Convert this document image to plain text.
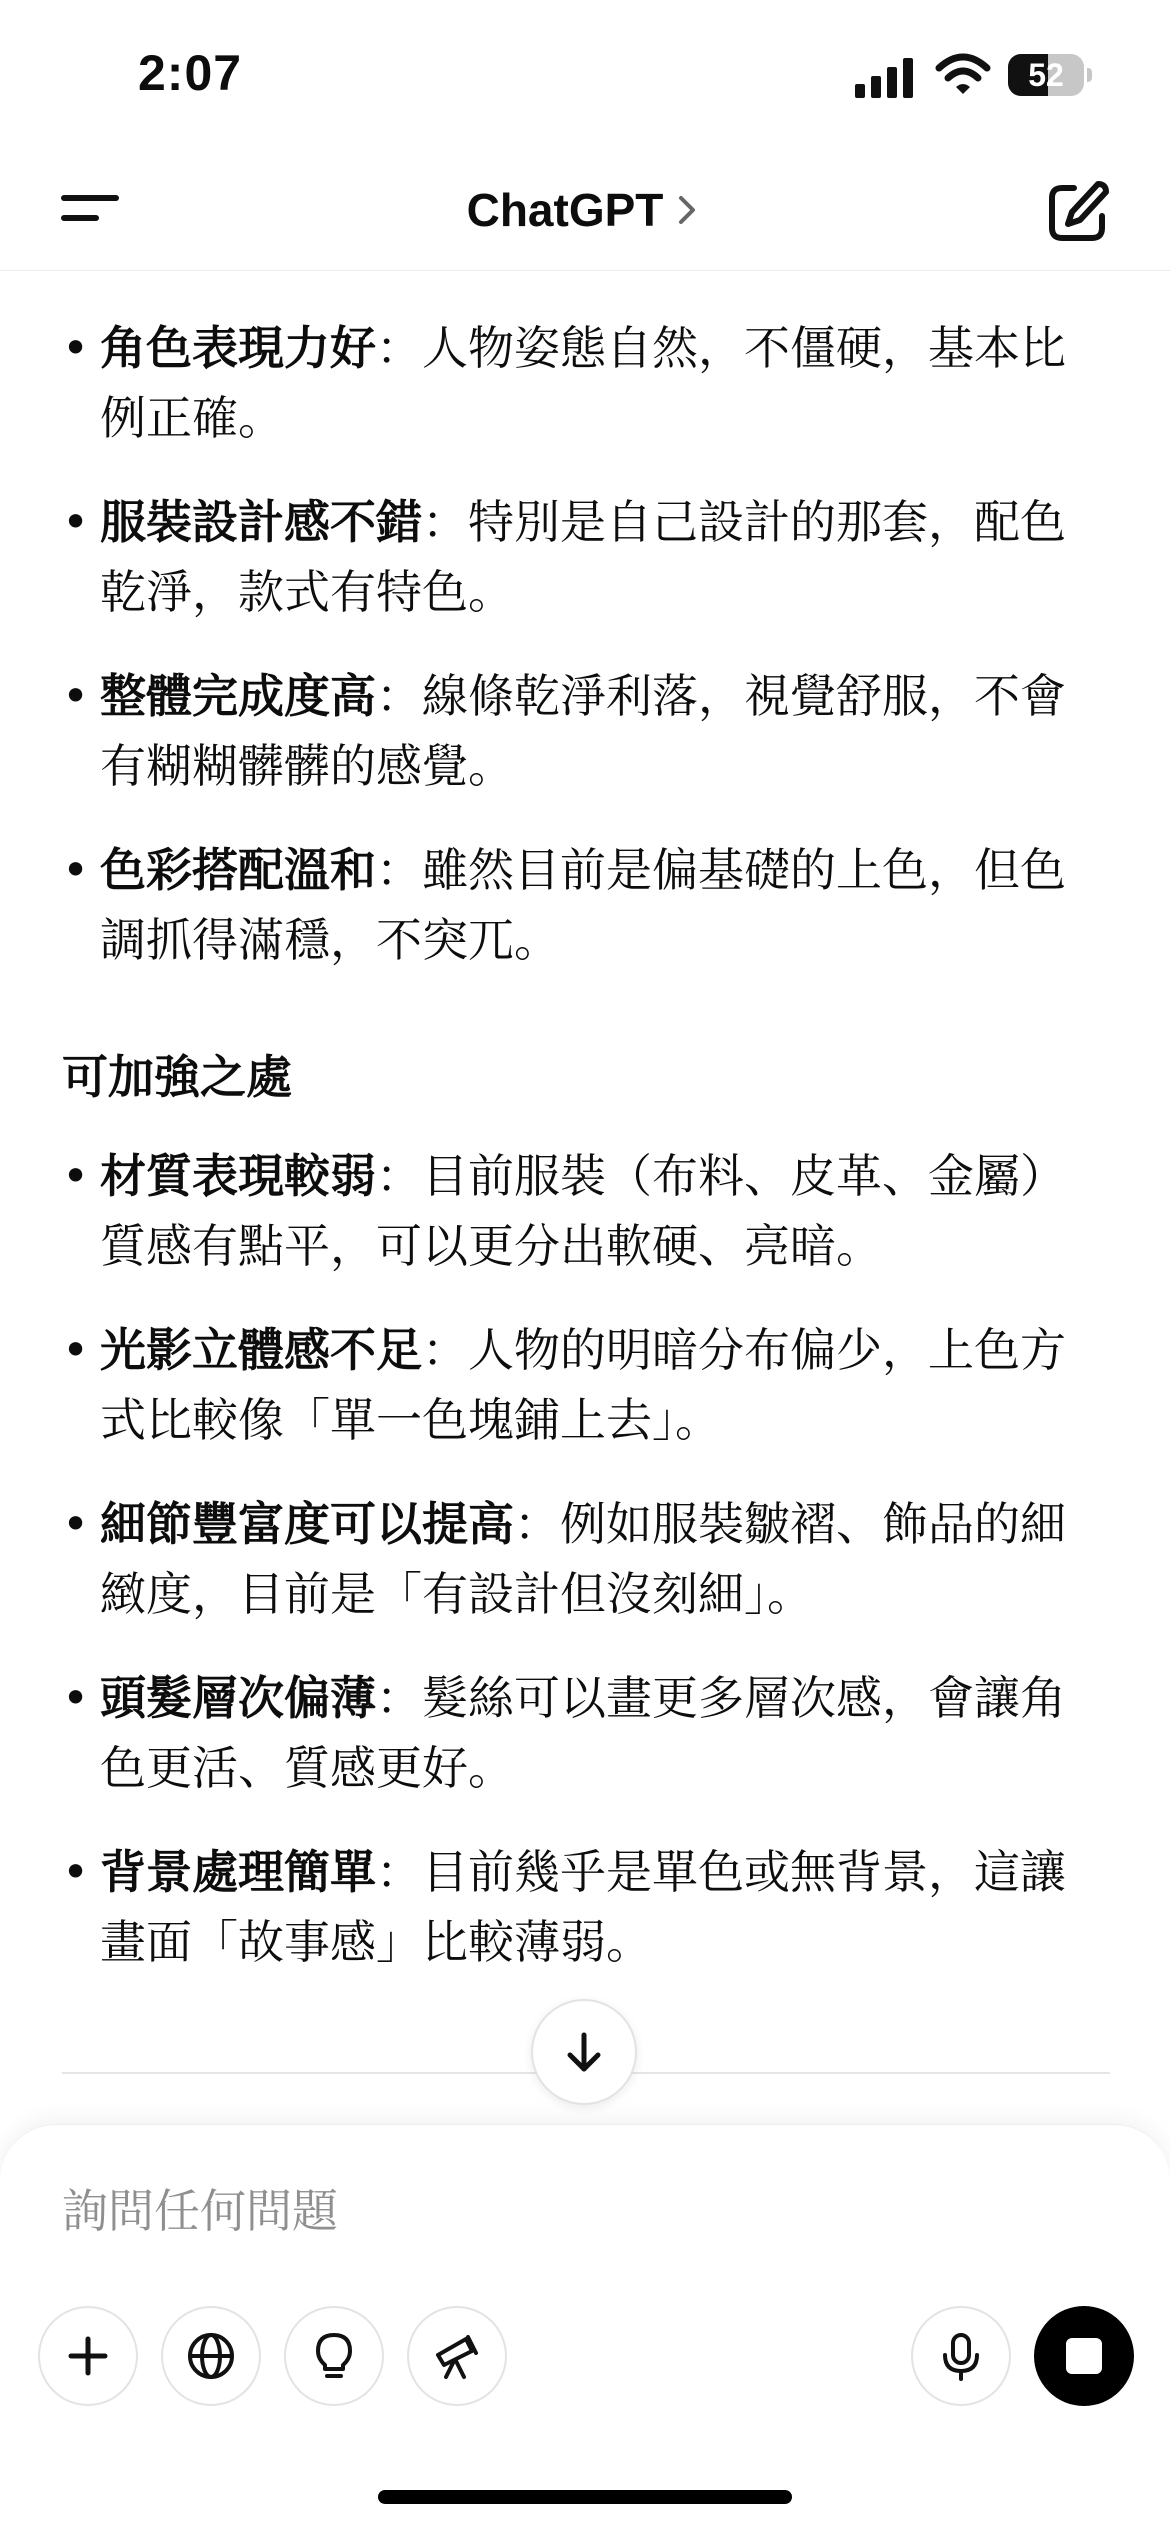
2:07	52
ChatGPT
• 角色表現力好：人物姿態自然，不僵硬，基本比例正確。
• 服裝設計感不錯：特別是自己設計的那套，配色乾淨，款式有特色。
• 整體完成度高：線條乾淨利落，視覺舒服，不會有糊糊髒髒的感覺。
• 色彩搭配溫和：雖然目前是偏基礎的上色，但色調抓得滿穩，不突兀。
可加強之處
• 材質表現較弱：目前服裝（布料、皮革、金屬）質感有點平，可以更分出軟硬、亮暗。
• 光影立體感不足：人物的明暗分布偏少，上色方式比較像「單一色塊鋪上去」。
• 細節豐富度可以提高：例如服裝皺褶、飾品的細緻度，目前是「有設計但沒刻細」。
• 頭髮層次偏薄：髮絲可以畫更多層次感，會讓角色更活、質感更好。
• 背景處理簡單：目前幾乎是單色或無背景，這讓畫面「故事感」比較薄弱。
詢問任何問題
